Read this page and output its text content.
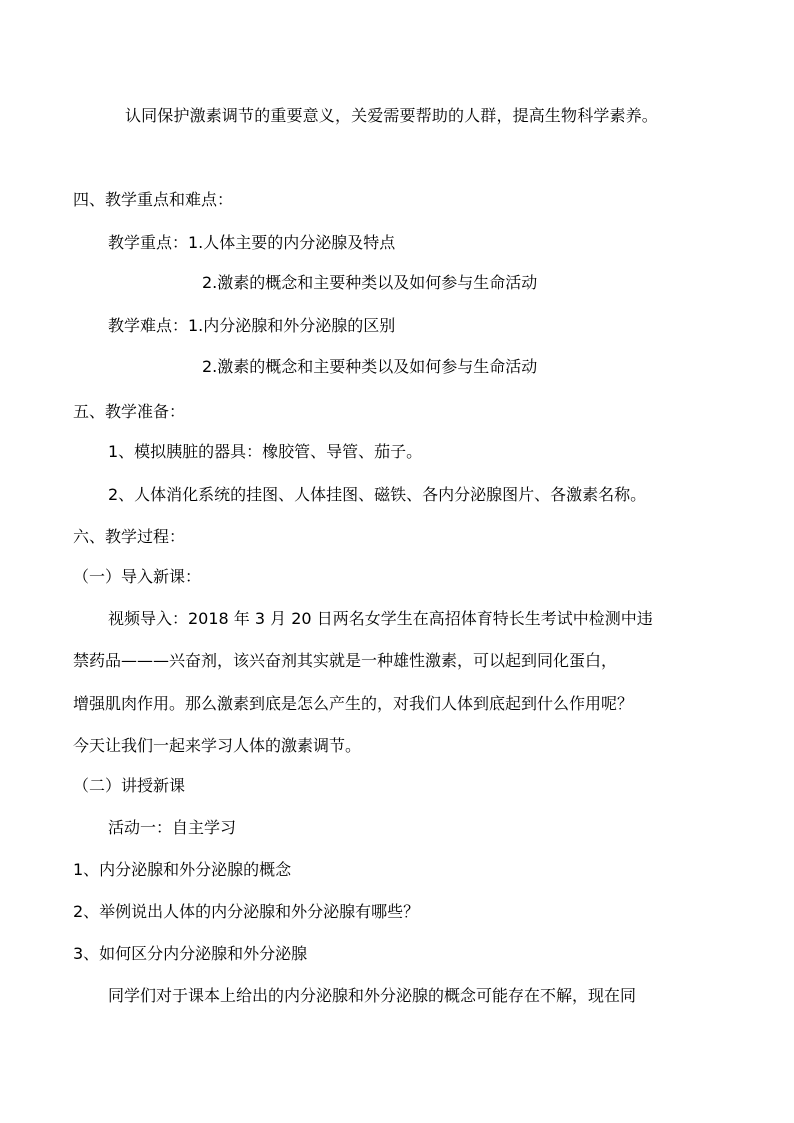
认同保护激素调节的重要意义，关爱需要帮助的人群，提高生物科学素养。
四、教学重点和难点：
教学重点：1.人体主要的内分泌腺及特点
2.激素的概念和主要种类以及如何参与生命活动
教学难点：1.内分泌腺和外分泌腺的区别
2.激素的概念和主要种类以及如何参与生命活动
五、教学准备：
1、模拟胰脏的器具：橡胶管、导管、茄子。
2、人体消化系统的挂图、人体挂图、磁铁、各内分泌腺图片、各激素名称。
六、教学过程：
（一）导入新课：
视频导入：2018 年 3 月 20 日两名女学生在高招体育特长生考试中检测中违
禁药品———兴奋剂，该兴奋剂其实就是一种雄性激素，可以起到同化蛋白，
增强肌肉作用。那么激素到底是怎么产生的，对我们人体到底起到什么作用呢？
今天让我们一起来学习人体的激素调节。
（二）讲授新课
活动一：自主学习
1、内分泌腺和外分泌腺的概念
2、举例说出人体的内分泌腺和外分泌腺有哪些？
3、如何区分内分泌腺和外分泌腺
同学们对于课本上给出的内分泌腺和外分泌腺的概念可能存在不解，现在同
